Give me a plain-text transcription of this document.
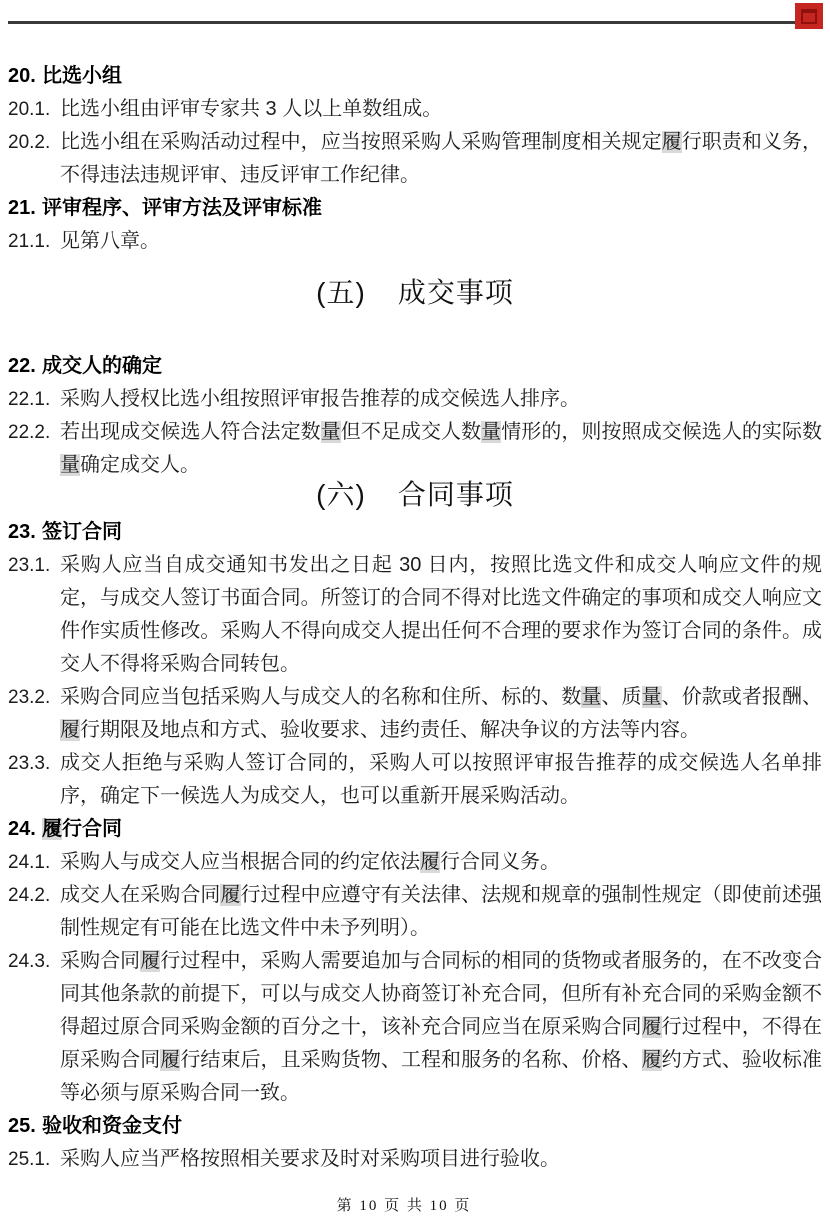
20. 比选小组
20.1. 比选小组由评审专家共 3 人以上单数组成。
20.2. 比选小组在采购活动过程中，应当按照采购人采购管理制度相关规定履行职责和义务，不得违法违规评审、违反评审工作纪律。
21. 评审程序、评审方法及评审标准
21.1. 见第八章。
(五) 成交事项
22. 成交人的确定
22.1. 采购人授权比选小组按照评审报告推荐的成交候选人排序。
22.2. 若出现成交候选人符合法定数量但不足成交人数量情形的，则按照成交候选人的实际数量确定成交人。
(六) 合同事项
23. 签订合同
23.1. 采购人应当自成交通知书发出之日起 30 日内，按照比选文件和成交人响应文件的规定，与成交人签订书面合同。所签订的合同不得对比选文件确定的事项和成交人响应文件作实质性修改。采购人不得向成交人提出任何不合理的要求作为签订合同的条件。成交人不得将采购合同转包。
23.2. 采购合同应当包括采购人与成交人的名称和住所、标的、数量、质量、价款或者报酬、履行期限及地点和方式、验收要求、违约责任、解决争议的方法等内容。
23.3. 成交人拒绝与采购人签订合同的，采购人可以按照评审报告推荐的成交候选人名单排序，确定下一候选人为成交人，也可以重新开展采购活动。
24. 履行合同
24.1. 采购人与成交人应当根据合同的约定依法履行合同义务。
24.2. 成交人在采购合同履行过程中应遵守有关法律、法规和规章的强制性规定（即使前述强制性规定有可能在比选文件中未予列明）。
24.3. 采购合同履行过程中，采购人需要追加与合同标的相同的货物或者服务的，在不改变合同其他条款的前提下，可以与成交人协商签订补充合同，但所有补充合同的采购金额不得超过原合同采购金额的百分之十，该补充合同应当在原采购合同履行过程中，不得在原采购合同履行结束后，且采购货物、工程和服务的名称、价格、履约方式、验收标准等必须与原采购合同一致。
25. 验收和资金支付
25.1. 采购人应当严格按照相关要求及时对采购项目进行验收。
第 10 页 共 10 页
